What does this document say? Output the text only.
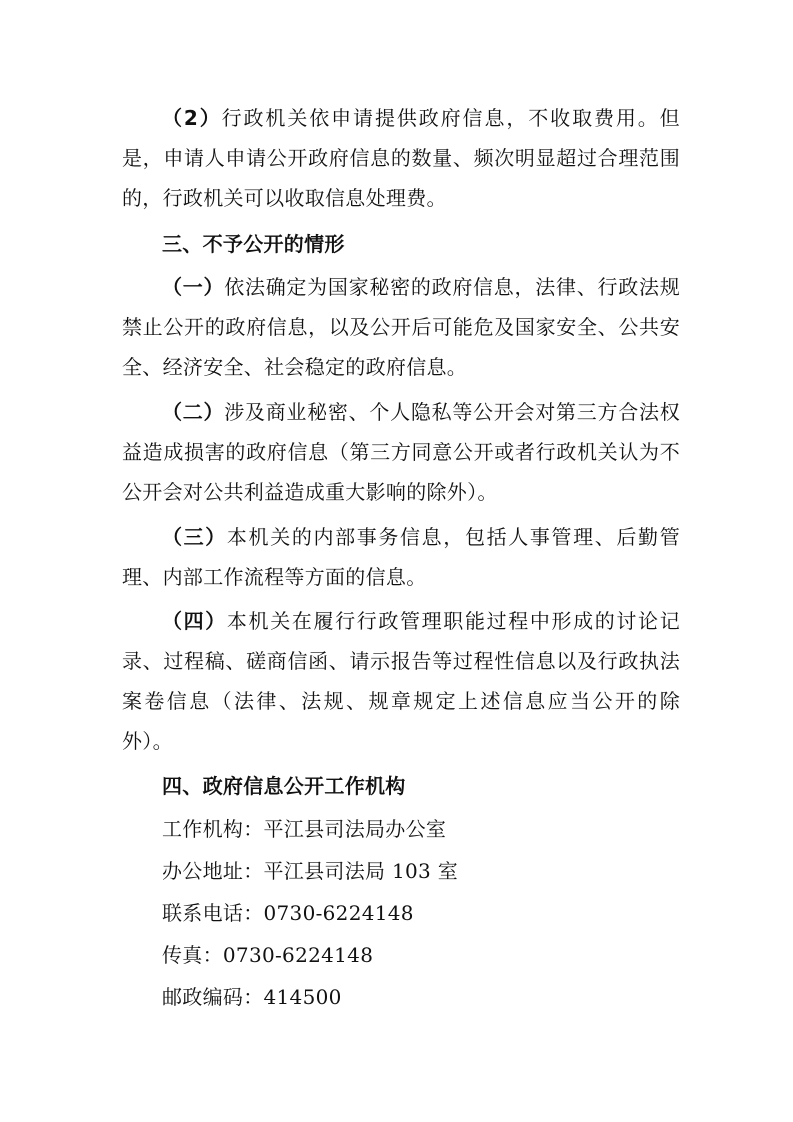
（2）行政机关依申请提供政府信息，不收取费用。但是，申请人申请公开政府信息的数量、频次明显超过合理范围的，行政机关可以收取信息处理费。
三、不予公开的情形
（一）依法确定为国家秘密的政府信息，法律、行政法规禁止公开的政府信息，以及公开后可能危及国家安全、公共安全、经济安全、社会稳定的政府信息。
（二）涉及商业秘密、个人隐私等公开会对第三方合法权益造成损害的政府信息（第三方同意公开或者行政机关认为不公开会对公共利益造成重大影响的除外）。
（三）本机关的内部事务信息，包括人事管理、后勤管理、内部工作流程等方面的信息。
（四）本机关在履行行政管理职能过程中形成的讨论记录、过程稿、磋商信函、请示报告等过程性信息以及行政执法案卷信息（法律、法规、规章规定上述信息应当公开的除外）。
四、政府信息公开工作机构
工作机构：平江县司法局办公室
办公地址：平江县司法局 103 室
联系电话：0730-6224148
传真：0730-6224148
邮政编码：414500
